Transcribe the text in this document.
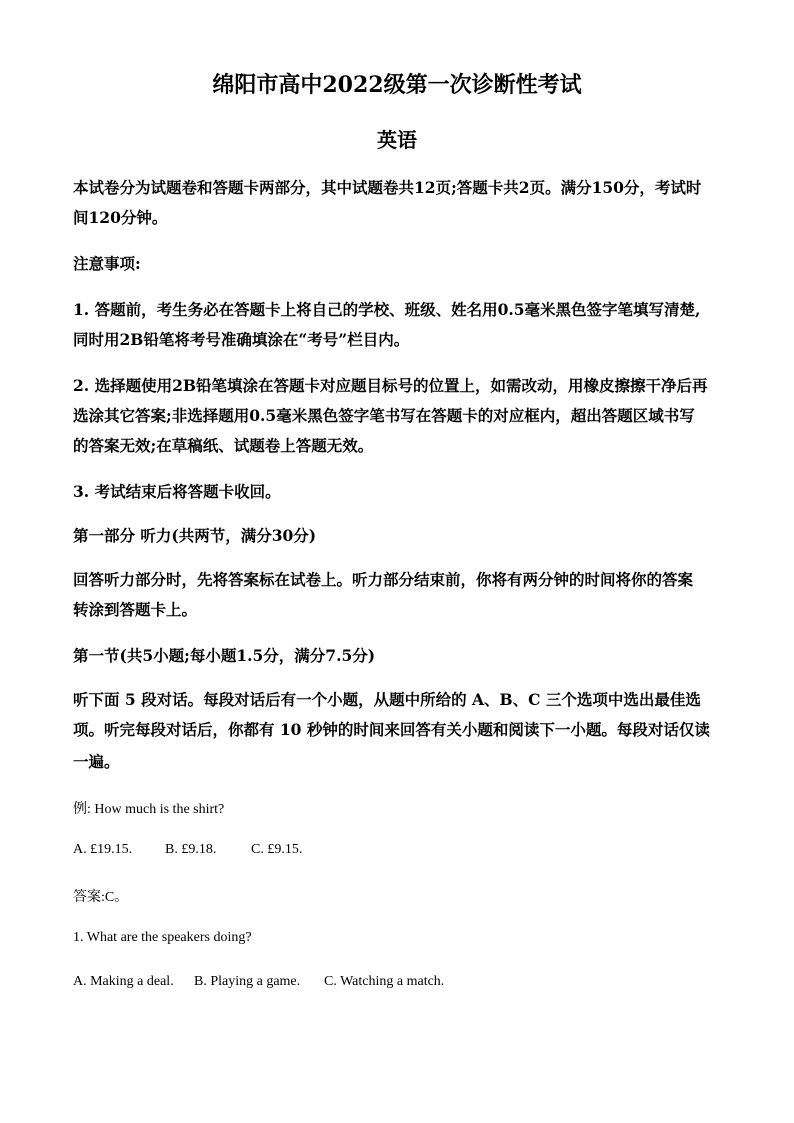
绵阳市高中2022级第一次诊断性考试
英语
本试卷分为试题卷和答题卡两部分，其中试题卷共12页;答题卡共2页。满分150分，考试时
间120分钟。
注意事项:
1. 答题前，考生务必在答题卡上将自己的学校、班级、姓名用0.5毫米黑色签字笔填写清楚,
同时用2B铅笔将考号准确填涂在“考号”栏目内。
2. 选择题使用2B铅笔填涂在答题卡对应题目标号的位置上，如需改动，用橡皮擦擦干净后再
选涂其它答案;非选择题用0.5毫米黑色签字笔书写在答题卡的对应框内，超出答题区域书写
的答案无效;在草稿纸、试题卷上答题无效。
3. 考试结束后将答题卡收回。
第一部分 听力(共两节，满分30分)
回答听力部分时，先将答案标在试卷上。听力部分结束前，你将有两分钟的时间将你的答案
转涂到答题卡上。
第一节(共5小题;每小题1.5分，满分7.5分)
听下面 5 段对话。每段对话后有一个小题，从题中所给的 A、B、C 三个选项中选出最佳选
项。听完每段对话后，你都有 10 秒钟的时间来回答有关小题和阅读下一小题。每段对话仅读
一遍。
例: How much is the shirt?
A. £19.15. B. £9.18. C. £9.15.
答案:C。
1. What are the speakers doing?
A. Making a deal. B. Playing a game. C. Watching a match.
